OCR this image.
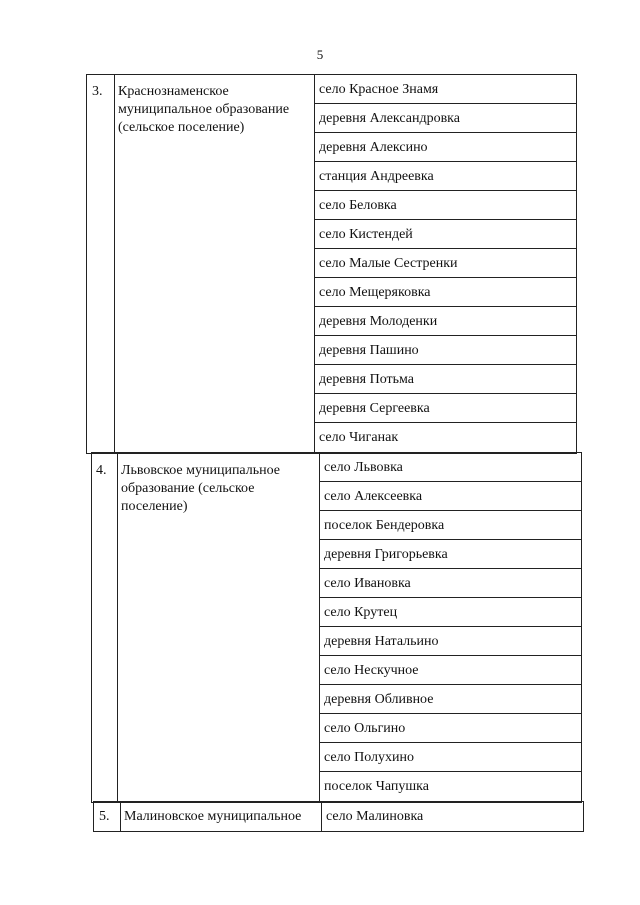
5
3. Краснознаменское муниципальное образование (сельское поселение)
село Красное Знамя
деревня Александровка
деревня Алексино
станция Андреевка
село Беловка
село Кистендей
село Малые Сестренки
село Мещеряковка
деревня Молоденки
деревня Пашино
деревня Потьма
деревня Сергеевка
село Чиганак
4. Львовское муниципальное образование (сельское поселение)
село Львовка
село Алексеевка
поселок Бендеровка
деревня Григорьевка
село Ивановка
село Крутец
деревня Натальино
село Нескучное
деревня Обливное
село Ольгино
село Полухино
поселок Чапушка
5. Малиновское муниципальное	село Малиновка
